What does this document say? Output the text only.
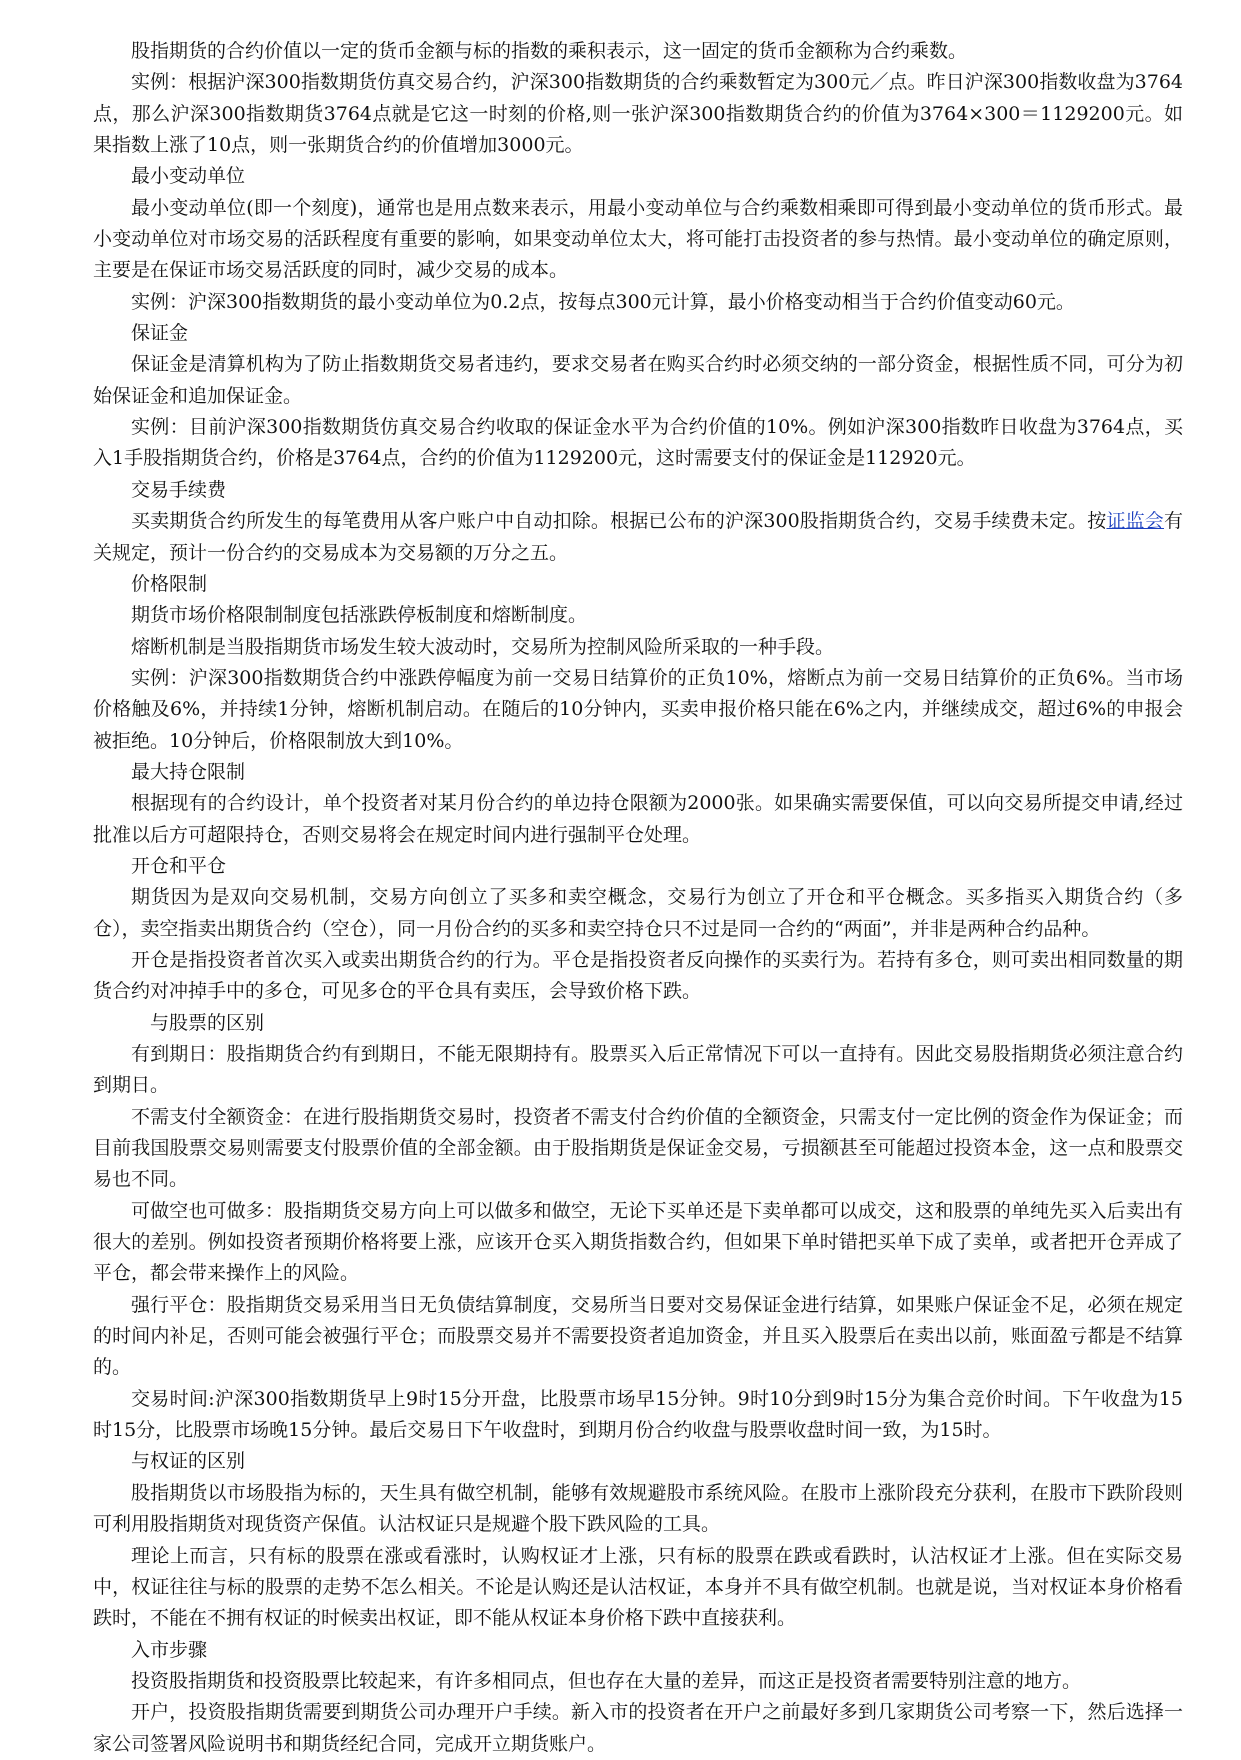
股指期货的合约价值以一定的货币金额与标的指数的乘积表示，这一固定的货币金额称为合约乘数。

实例：根据沪深300指数期货仿真交易合约，沪深300指数期货的合约乘数暂定为300元／点。昨日沪深300指数收盘为3764点，那么沪深300指数期货3764点就是它这一时刻的价格,则一张沪深300指数期货合约的价值为3764×300＝1129200元。如果指数上涨了10点，则一张期货合约的价值增加3000元。

最小变动单位

最小变动单位(即一个刻度)，通常也是用点数来表示，用最小变动单位与合约乘数相乘即可得到最小变动单位的货币形式。最小变动单位对市场交易的活跃程度有重要的影响，如果变动单位太大，将可能打击投资者的参与热情。最小变动单位的确定原则，主要是在保证市场交易活跃度的同时，减少交易的成本。

实例：沪深300指数期货的最小变动单位为0.2点，按每点300元计算，最小价格变动相当于合约价值变动60元。

保证金

保证金是清算机构为了防止指数期货交易者违约，要求交易者在购买合约时必须交纳的一部分资金，根据性质不同，可分为初始保证金和追加保证金。

实例：目前沪深300指数期货仿真交易合约收取的保证金水平为合约价值的10%。例如沪深300指数昨日收盘为3764点，买入1手股指期货合约，价格是3764点，合约的价值为1129200元，这时需要支付的保证金是112920元。

交易手续费

买卖期货合约所发生的每笔费用从客户账户中自动扣除。根据已公布的沪深300股指期货合约，交易手续费未定。按证监会有关规定，预计一份合约的交易成本为交易额的万分之五。

价格限制

期货市场价格限制制度包括涨跌停板制度和熔断制度。

熔断机制是当股指期货市场发生较大波动时，交易所为控制风险所采取的一种手段。

实例：沪深300指数期货合约中涨跌停幅度为前一交易日结算价的正负10%，熔断点为前一交易日结算价的正负6%。当市场价格触及6%，并持续1分钟，熔断机制启动。在随后的10分钟内，买卖申报价格只能在6%之内，并继续成交，超过6%的申报会被拒绝。10分钟后，价格限制放大到10%。

最大持仓限制

根据现有的合约设计，单个投资者对某月份合约的单边持仓限额为2000张。如果确实需要保值，可以向交易所提交申请,经过批准以后方可超限持仓，否则交易将会在规定时间内进行强制平仓处理。

开仓和平仓

期货因为是双向交易机制，交易方向创立了买多和卖空概念，交易行为创立了开仓和平仓概念。买多指买入期货合约（多仓），卖空指卖出期货合约（空仓），同一月份合约的买多和卖空持仓只不过是同一合约的“两面”，并非是两种合约品种。

开仓是指投资者首次买入或卖出期货合约的行为。平仓是指投资者反向操作的买卖行为。若持有多仓，则可卖出相同数量的期货合约对冲掉手中的多仓，可见多仓的平仓具有卖压，会导致价格下跌。

与股票的区别

有到期日：股指期货合约有到期日，不能无限期持有。股票买入后正常情况下可以一直持有。因此交易股指期货必须注意合约到期日。

不需支付全额资金：在进行股指期货交易时，投资者不需支付合约价值的全额资金，只需支付一定比例的资金作为保证金；而目前我国股票交易则需要支付股票价值的全部金额。由于股指期货是保证金交易，亏损额甚至可能超过投资本金，这一点和股票交易也不同。

可做空也可做多：股指期货交易方向上可以做多和做空，无论下买单还是下卖单都可以成交，这和股票的单纯先买入后卖出有很大的差别。例如投资者预期价格将要上涨，应该开仓买入期货指数合约，但如果下单时错把买单下成了卖单，或者把开仓弄成了平仓，都会带来操作上的风险。

强行平仓：股指期货交易采用当日无负债结算制度，交易所当日要对交易保证金进行结算，如果账户保证金不足，必须在规定的时间内补足，否则可能会被强行平仓；而股票交易并不需要投资者追加资金，并且买入股票后在卖出以前，账面盈亏都是不结算的。

交易时间:沪深300指数期货早上9时15分开盘，比股票市场早15分钟。9时10分到9时15分为集合竞价时间。下午收盘为15时15分，比股票市场晚15分钟。最后交易日下午收盘时，到期月份合约收盘与股票收盘时间一致，为15时。

与权证的区别

股指期货以市场股指为标的，天生具有做空机制，能够有效规避股市系统风险。在股市上涨阶段充分获利，在股市下跌阶段则可利用股指期货对现货资产保值。认沽权证只是规避个股下跌风险的工具。

理论上而言，只有标的股票在涨或看涨时，认购权证才上涨，只有标的股票在跌或看跌时，认沽权证才上涨。但在实际交易中，权证往往与标的股票的走势不怎么相关。不论是认购还是认沽权证，本身并不具有做空机制。也就是说，当对权证本身价格看跌时，不能在不拥有权证的时候卖出权证，即不能从权证本身价格下跌中直接获利。

入市步骤

投资股指期货和投资股票比较起来，有许多相同点，但也存在大量的差异，而这正是投资者需要特别注意的地方。

开户，投资股指期货需要到期货公司办理开户手续。新入市的投资者在开户之前最好多到几家期货公司考察一下，然后选择一家公司签署风险说明书和期货经纪合同，完成开立期货账户。
